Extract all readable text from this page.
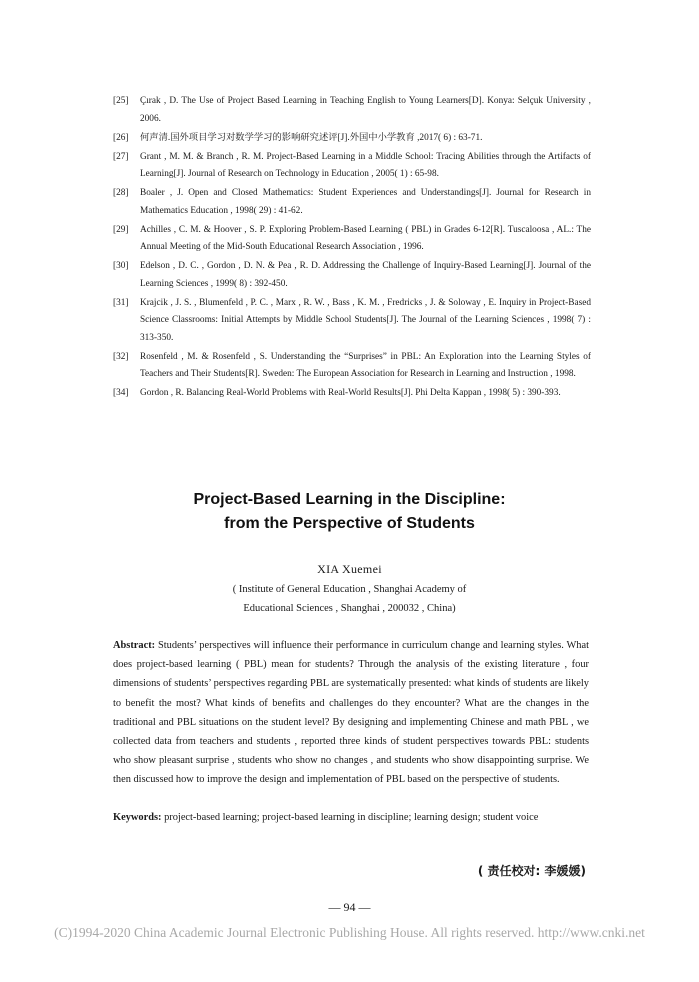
[25]	Çırak , D. The Use of Project Based Learning in Teaching English to Young Learners[D]. Konya: Selçuk University , 2006.
[26]	何声清.国外项目学习对数学学习的影响研究述评[J].外国中小学教育 ,2017( 6) : 63-71.
[27]	Grant , M. M. & Branch , R. M. Project-Based Learning in a Middle School: Tracing Abilities through the Artifacts of Learning[J]. Journal of Research on Technology in Education , 2005( 1) : 65-98.
[28]	Boaler , J. Open and Closed Mathematics: Student Experiences and Understandings[J]. Journal for Research in Mathematics Education , 1998( 29) : 41-62.
[29]	Achilles , C. M. & Hoover , S. P. Exploring Problem-Based Learning ( PBL) in Grades 6-12[R]. Tuscaloosa , AL.: The Annual Meeting of the Mid-South Educational Research Association , 1996.
[30]	Edelson , D. C. , Gordon , D. N. & Pea , R. D. Addressing the Challenge of Inquiry-Based Learning[J]. Journal of the Learning Sciences , 1999( 8) : 392-450.
[31]	Krajcik , J. S. , Blumenfeld , P. C. , Marx , R. W. , Bass , K. M. , Fredricks , J. & Soloway , E. Inquiry in Project-Based Science Classrooms: Initial Attempts by Middle School Students[J]. The Journal of the Learning Sciences , 1998( 7) : 313-350.
[32]	Rosenfeld , M. & Rosenfeld , S. Understanding the “Surprises” in PBL: An Exploration into the Learning Styles of Teachers and Their Students[R]. Sweden: The European Association for Research in Learning and Instruction , 1998.
[34]	Gordon , R. Balancing Real-World Problems with Real-World Results[J]. Phi Delta Kappan , 1998( 5) : 390-393.
Project-Based Learning in the Discipline:
from the Perspective of Students
XIA Xuemei
( Institute of General Education , Shanghai Academy of
Educational Sciences , Shanghai , 200032 , China)
Abstract: Students’ perspectives will influence their performance in curriculum change and learning styles. What does project-based learning ( PBL) mean for students? Through the analysis of the existing literature , four dimensions of students’ perspectives regarding PBL are systematically presented: what kinds of students are likely to benefit the most? What kinds of benefits and challenges do they encounter? What are the changes in the traditional and PBL situations on the student level? By designing and implementing Chinese and math PBL , we collected data from teachers and students , reported three kinds of student perspectives towards PBL: students who show pleasant surprise , students who show no changes , and students who show disappointing surprise. We then discussed how to improve the design and implementation of PBL based on the perspective of students.
Keywords: project-based learning; project-based learning in discipline; learning design; student voice
( 责任校对: 李媛媛)
— 94 —
(C)1994-2020 China Academic Journal Electronic Publishing House. All rights reserved. http://www.cnki.net
